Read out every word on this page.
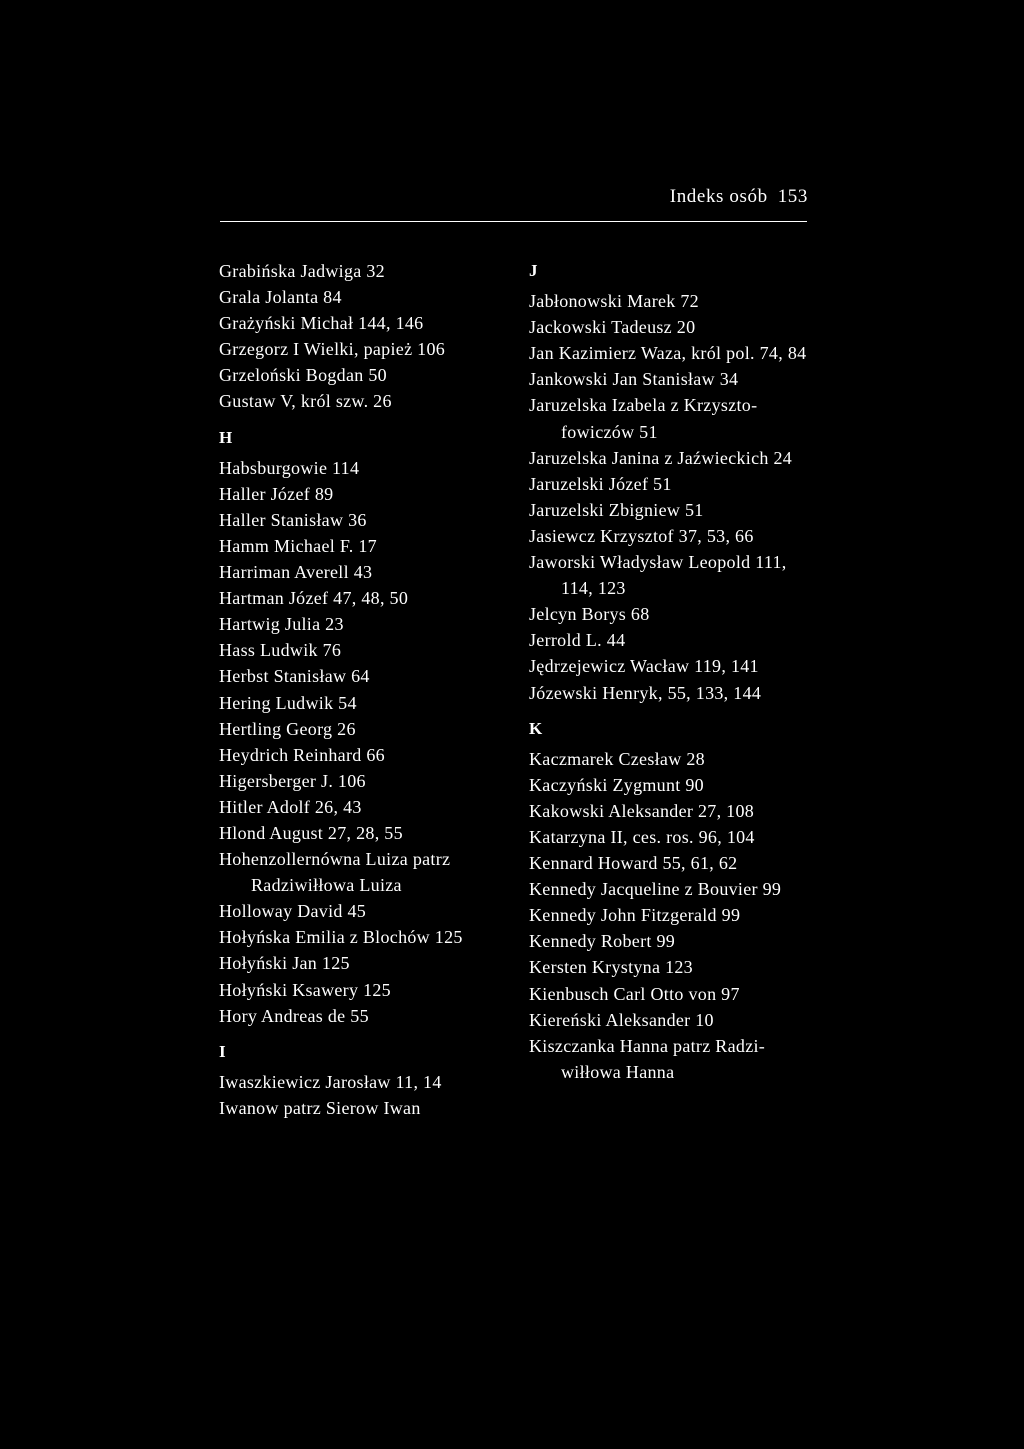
Indeks osób 153
Grabińska Jadwiga 32
Grala Jolanta 84
Grażyński Michał 144, 146
Grzegorz I Wielki, papież 106
Grzeloński Bogdan 50
Gustaw V, król szw. 26
H
Habsburgowie 114
Haller Józef 89
Haller Stanisław 36
Hamm Michael F. 17
Harriman Averell 43
Hartman Józef 47, 48, 50
Hartwig Julia 23
Hass Ludwik 76
Herbst Stanisław 64
Hering Ludwik 54
Hertling Georg 26
Heydrich Reinhard 66
Higersberger J. 106
Hitler Adolf 26, 43
Hlond August 27, 28, 55
Hohenzollernówna Luiza patrz Radziwiłłowa Luiza
Holloway David 45
Hołyńska Emilia z Blochów 125
Hołyński Jan 125
Hołyński Ksawery 125
Hory Andreas de 55
I
Iwaszkiewicz Jarosław 11, 14
Iwanow patrz Sierow Iwan
J
Jabłonowski Marek 72
Jackowski Tadeusz 20
Jan Kazimierz Waza, król pol. 74, 84
Jankowski Jan Stanisław 34
Jaruzelska Izabela z Krzyszto- fowiczów 51
Jaruzelska Janina z Jaźwieckich 24
Jaruzelski Józef 51
Jaruzelski Zbigniew 51
Jasiewcz Krzysztof 37, 53, 66
Jaworski Władysław Leopold 111, 114, 123
Jelcyn Borys 68
Jerrold L. 44
Jędrzejewicz Wacław 119, 141
Józewski Henryk, 55, 133, 144
K
Kaczmarek Czesław 28
Kaczyński Zygmunt 90
Kakowski Aleksander 27, 108
Katarzyna II, ces. ros. 96, 104
Kennard Howard 55, 61, 62
Kennedy Jacqueline z Bouvier 99
Kennedy John Fitzgerald 99
Kennedy Robert 99
Kersten Krystyna 123
Kienbusch Carl Otto von 97
Kiereński Aleksander 10
Kiszczanka Hanna patrz Radzi- wiłłowa Hanna
